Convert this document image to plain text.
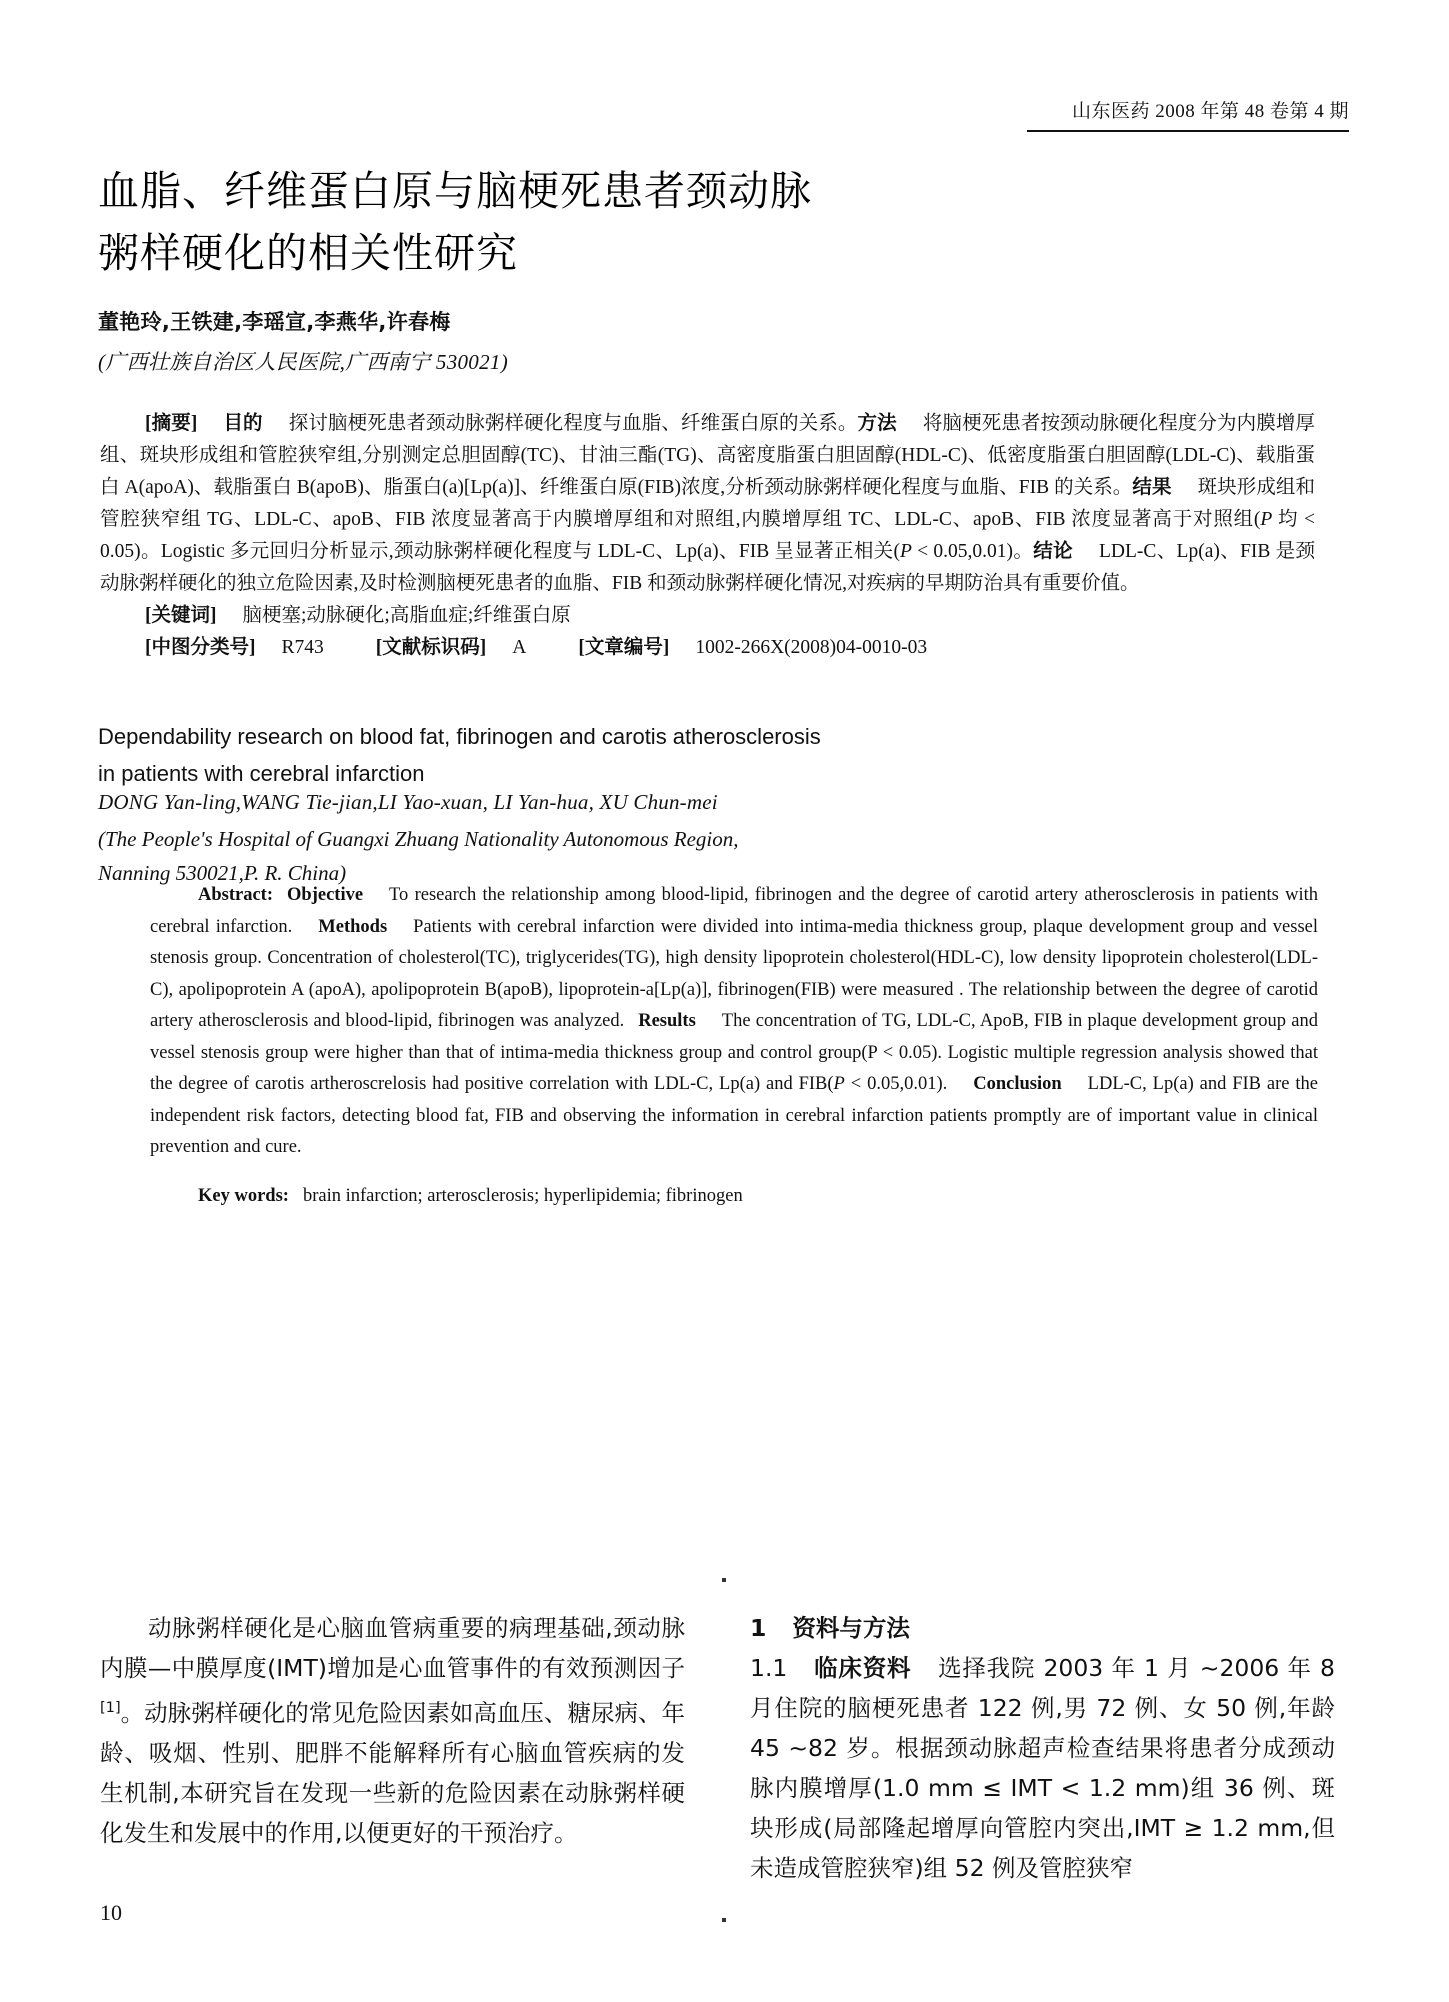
山东医药 2008 年第 48 卷第 4 期
血脂、纤维蛋白原与脑梗死患者颈动脉
粥样硬化的相关性研究
董艳玲,王铁建,李瑶宣,李燕华,许春梅
(广西壮族自治区人民医院,广西南宁 530021)

[摘要] 目的 探讨脑梗死患者颈动脉粥样硬化程度与血脂、纤维蛋白原的关系。方法 将脑梗死患者按颈动脉硬化程度分为内膜增厚组、斑块形成组和管腔狭窄组,分别测定总胆固醇(TC)、甘油三酯(TG)、高密度脂蛋白胆固醇(HDL-C)、低密度脂蛋白胆固醇(LDL-C)、载脂蛋白 A(apoA)、载脂蛋白 B(apoB)、脂蛋白(a)[Lp(a)]、纤维蛋白原(FIB)浓度,分析颈动脉粥样硬化程度与血脂、FIB 的关系。结果 斑块形成组和管腔狭窄组 TG、LDL-C、apoB、FIB 浓度显著高于内膜增厚组和对照组,内膜增厚组 TC、LDL-C、apoB、FIB 浓度显著高于对照组(P 均 < 0.05)。Logistic 多元回归分析显示,颈动脉粥样硬化程度与 LDL-C、Lp(a)、FIB 呈显著正相关(P < 0.05,0.01)。结论 LDL-C、Lp(a)、FIB 是颈动脉粥样硬化的独立危险因素,及时检测脑梗死患者的血脂、FIB 和颈动脉粥样硬化情况,对疾病的早期防治具有重要价值。

[关键词] 脑梗塞;动脉硬化;高脂血症;纤维蛋白原

[中图分类号] R743	[文献标识码] A	[文章编号] 1002-266X(2008)04-0010-03

Dependability research on blood fat, fibrinogen and carotis atherosclerosis
in patients with cerebral infarction
DONG Yan-ling,WANG Tie-jian,LI Yao-xuan, LI Yan-hua, XU Chun-mei
(The People's Hospital of Guangxi Zhuang Nationality Autonomous Region,
Nanning 530021,P. R. China)

Abstract: Objective To research the relationship among blood-lipid, fibrinogen and the degree of carotid artery atherosclerosis in patients with cerebral infarction. Methods Patients with cerebral infarction were divided into intima-media thickness group, plaque development group and vessel stenosis group. Concentration of cholesterol(TC), triglycerides(TG), high density lipoprotein cholesterol(HDL-C), low density lipoprotein cholesterol(LDL-C), apolipoprotein A (apoA), apolipoprotein B(apoB), lipoprotein-a[Lp(a)], fibrinogen(FIB) were measured . The relationship between the degree of carotid artery atherosclerosis and blood-lipid, fibrinogen was analyzed. Results The concentration of TG, LDL-C, ApoB, FIB in plaque development group and vessel stenosis group were higher than that of intima-media thickness group and control group(P < 0.05). Logistic multiple regression analysis showed that the degree of carotis artheroscrelosis had positive correlation with LDL-C, Lp(a) and FIB(P < 0.05,0.01). Conclusion LDL-C, Lp(a) and FIB are the independent risk factors, detecting blood fat, FIB and observing the information in cerebral infarction patients promptly are of important value in clinical prevention and cure.

Key words: brain infarction; arterosclerosis; hyperlipidemia; fibrinogen

动脉粥样硬化是心脑血管病重要的病理基础,颈动脉内膜—中膜厚度(IMT)增加是心血管事件的有效预测因子[1]。动脉粥样硬化的常见危险因素如高血压、糖尿病、年龄、吸烟、性别、肥胖不能解释所有心脑血管疾病的发生机制,本研究旨在发现一些新的危险因素在动脉粥样硬化发生和发展中的作用,以便更好的干预治疗。

1 资料与方法

1.1 临床资料 选择我院 2003 年 1 月 ~2006 年 8 月住院的脑梗死患者 122 例,男 72 例、女 50 例,年龄 45 ~82 岁。根据颈动脉超声检查结果将患者分成颈动脉内膜增厚(1.0 mm ≤ IMT < 1.2 mm)组 36 例、斑块形成(局部隆起增厚向管腔内突出,IMT ≥ 1.2 mm,但未造成管腔狭窄)组 52 例及管腔狭窄

10
